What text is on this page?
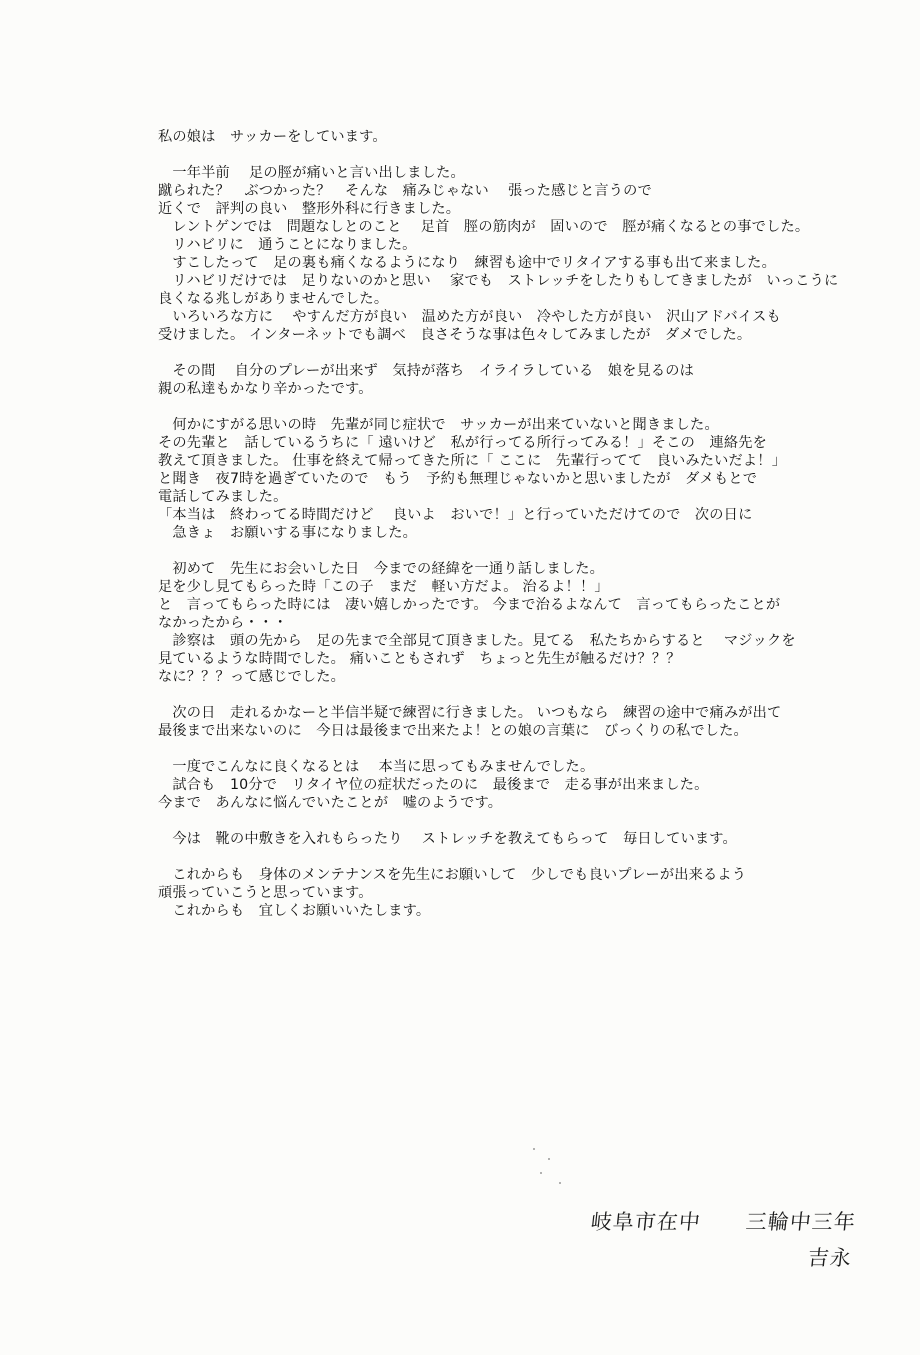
私の娘は　サッカーをしています。
　一年半前　 足の脛が痛いと言い出しました。
蹴られた？　ぶつかった？　そんな　痛みじゃない　 張った感じと言うので
近くで　評判の良い　整形外科に行きました。
　レントゲンでは　問題なしとのこと　 足首　脛の筋肉が　固いので　脛が痛くなるとの事でした。
　リハビリに　通うことになりました。
　すこしたって　足の裏も痛くなるようになり　練習も途中でリタイアする事も出て来ました。
　リハビリだけでは　足りないのかと思い　 家でも　ストレッチをしたりもしてきましたが　いっこうに
良くなる兆しがありませんでした。
　いろいろな方に　 やすんだ方が良い　温めた方が良い　冷やした方が良い　沢山アドバイスも
受けました。 インターネットでも調べ　良さそうな事は色々してみましたが　ダメでした。
　その間　 自分のプレーが出来ず　気持が落ち　イライラしている　娘を見るのは
親の私達もかなり辛かったです。
　何かにすがる思いの時　先輩が同じ症状で　サッカーが出来ていないと聞きました。
その先輩と　話しているうちに「 遠いけど　私が行ってる所行ってみる！」そこの　連絡先を
教えて頂きました。 仕事を終えて帰ってきた所に「 ここに　先輩行ってて　良いみたいだよ！」
と聞き　夜7時を過ぎていたので　もう　予約も無理じゃないかと思いましたが　ダメもとで
電話してみました。
「本当は　終わってる時間だけど　 良いよ　おいで！」と行っていただけてので　次の日に
　急きょ　お願いする事になりました。
　初めて　先生にお会いした日　今までの経緯を一通り話しました。
足を少し見てもらった時「この子　まだ　軽い方だよ。 治るよ！！」
と　言ってもらった時には　凄い嬉しかったです。 今まで治るよなんて　言ってもらったことが
なかったから・・・
　診察は　頭の先から　足の先まで全部見て頂きました。見てる　私たちからすると　 マジックを
見ているような時間でした。 痛いこともされず　ちょっと先生が触るだけ？？？
なに？？？って感じでした。
　次の日　走れるかなーと半信半疑で練習に行きました。 いつもなら　練習の途中で痛みが出て
最後まで出来ないのに　今日は最後まで出来たよ！との娘の言葉に　びっくりの私でした。
　一度でこんなに良くなるとは　 本当に思ってもみませんでした。
　試合も　10分で　リタイヤ位の症状だったのに　最後まで　走る事が出来ました。
今まで　あんなに悩んでいたことが　嘘のようです。
　今は　靴の中敷きを入れもらったり　 ストレッチを教えてもらって　毎日しています。
　これからも　身体のメンテナンスを先生にお願いして　少しでも良いプレーが出来るよう
頑張っていこうと思っています。
　これからも　宜しくお願いいたします。
岐阜市在中 三輪中三年
吉永
